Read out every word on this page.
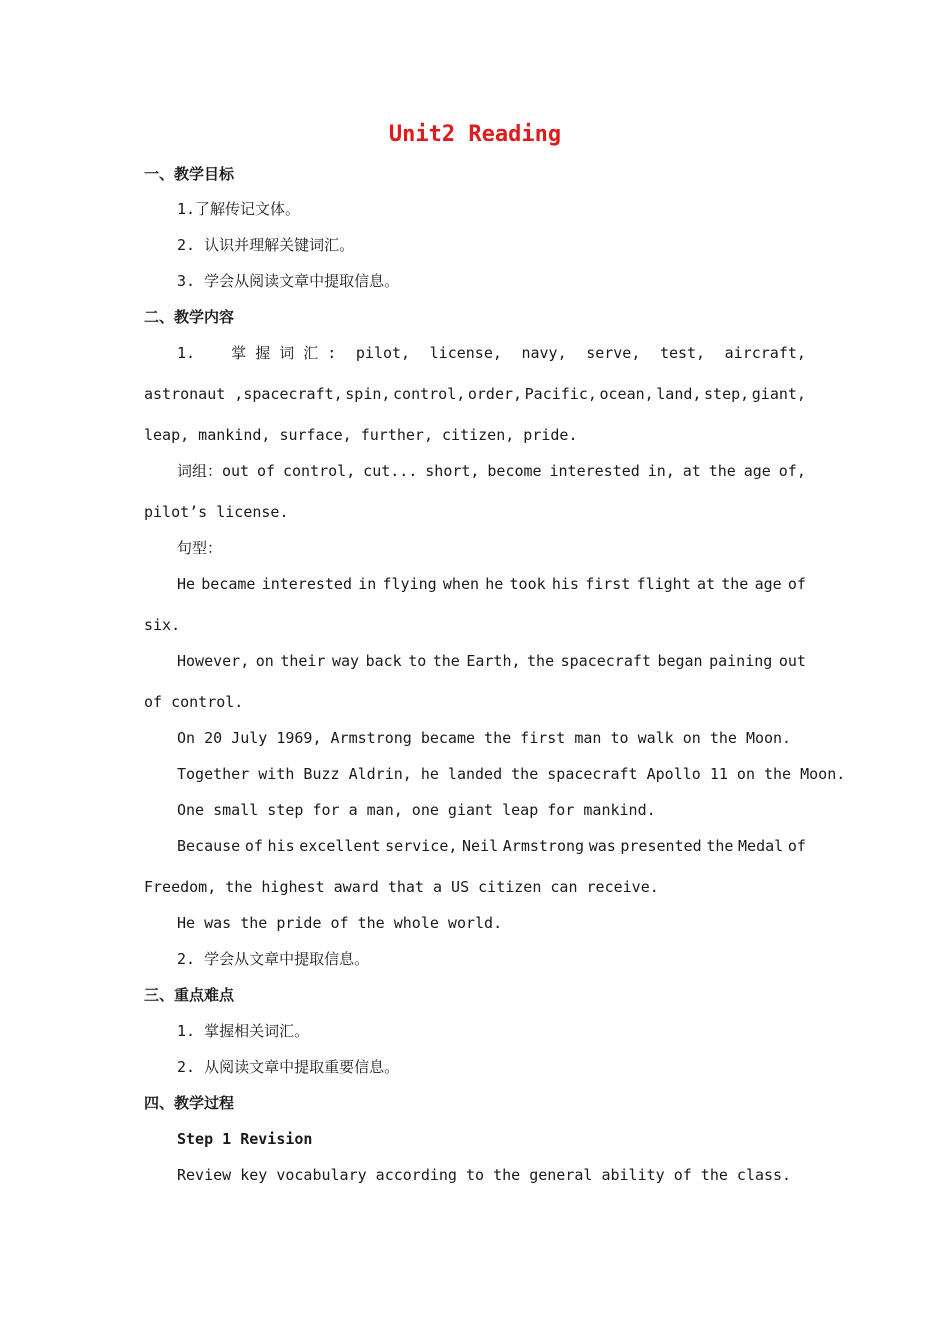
Unit2 Reading
一、教学目标
1.了解传记文体。
2. 认识并理解关键词汇。
3. 学会从阅读文章中提取信息。
二、教学内容
1.    掌 握 词 汇 : pilot, license, navy, serve, test, aircraft,
astronaut ,spacecraft, spin, control, order, Pacific, ocean, land, step, giant,
leap, mankind, surface, further, citizen, pride.
词组：out of control, cut... short, become interested in, at the age of,
pilot’s license.
句型：
He became interested in flying when he took his first flight at the age of
six.
However, on their way back to the Earth, the spacecraft began paining out
of control.
On 20 July 1969, Armstrong became the first man to walk on the Moon.
Together with Buzz Aldrin, he landed the spacecraft Apollo 11 on the Moon.
One small step for a man, one giant leap for mankind.
Because of his excellent service, Neil Armstrong was presented the Medal of
Freedom, the highest award that a US citizen can receive.
He was the pride of the whole world.
2. 学会从文章中提取信息。
三、重点难点
1. 掌握相关词汇。
2. 从阅读文章中提取重要信息。
四、教学过程
Step 1 Revision
Review key vocabulary according to the general ability of the class.
